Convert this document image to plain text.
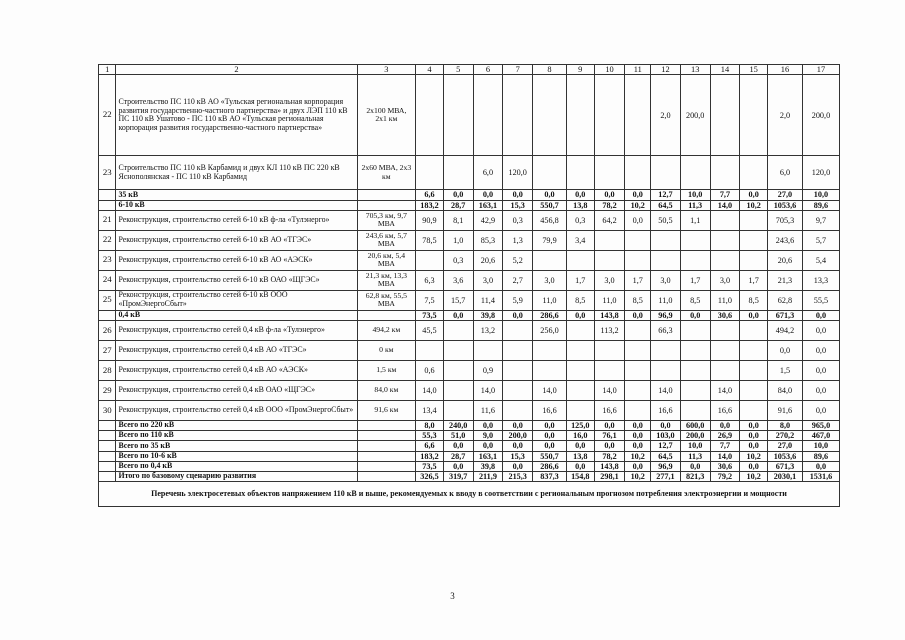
1	2	3	4	5	6	7	8	9	10	11	12	13	14	15	16	17
22	Строительство ПС 110 кВ АО «Тульская региональная корпорация развития государственно-частного партнерства» и двух ЛЭП 110 кВ ПС 110 кВ Ушатово - ПС 110 кВ АО «Тульская региональная корпорация развития государственно-частного партнерства»	2х100 МВА, 2х1 км									2,0	200,0			2,0	200,0
23	Строительство ПС 110 кВ Карбамид и двух КЛ 110 кВ ПС 220 кВ Яснополянская - ПС 110 кВ Карбамид	2х60 МВА, 2х3 км			6,0	120,0									6,0	120,0
	35 кВ		6,6	0,0	0,0	0,0	0,0	0,0	0,0	0,0	12,7	10,0	7,7	0,0	27,0	10,0
	6-10 кВ		183,2	28,7	163,1	15,3	550,7	13,8	78,2	10,2	64,5	11,3	14,0	10,2	1053,6	89,6
21	Реконструкция, строительство сетей 6-10 кВ ф-ла «Тулэнерго»	705,3 км, 9,7 МВА	90,9	8,1	42,9	0,3	456,8	0,3	64,2	0,0	50,5	1,1			705,3	9,7
22	Реконструкция, строительство сетей 6-10 кВ АО «ТГЭС»	243,6 км, 5,7 МВА	78,5	1,0	85,3	1,3	79,9	3,4							243,6	5,7
23	Реконструкция, строительство сетей 6-10 кВ АО «АЭСК»	20,6 км, 5,4 МВА		0,3	20,6	5,2									20,6	5,4
24	Реконструкция, строительство сетей 6-10 кВ ОАО «ЩГЭС»	21,3 км, 13,3 МВА	6,3	3,6	3,0	2,7	3,0	1,7	3,0	1,7	3,0	1,7	3,0	1,7	21,3	13,3
25	Реконструкция, строительство сетей 6-10 кВ ООО «ПромЭнергоСбыт»	62,8 км, 55,5 МВА	7,5	15,7	11,4	5,9	11,0	8,5	11,0	8,5	11,0	8,5	11,0	8,5	62,8	55,5
	0,4 кВ		73,5	0,0	39,8	0,0	286,6	0,0	143,8	0,0	96,9	0,0	30,6	0,0	671,3	0,0
26	Реконструкция, строительство сетей 0,4 кВ ф-ла «Тулэнерго»	494,2 км	45,5		13,2		256,0		113,2		66,3				494,2	0,0
27	Реконструкция, строительство сетей 0,4 кВ АО «ТГЭС»	0 км													0,0	0,0
28	Реконструкция, строительство сетей 0,4 кВ АО «АЭСК»	1,5 км	0,6		0,9										1,5	0,0
29	Реконструкция, строительство сетей 0,4 кВ ОАО «ЩГЭС»	84,0 км	14,0		14,0		14,0		14,0		14,0		14,0		84,0	0,0
30	Реконструкция, строительство сетей 0,4 кВ ООО «ПромЭнергоСбыт»	91,6 км	13,4		11,6		16,6		16,6		16,6		16,6		91,6	0,0
	Всего по 220 кВ		8,0	240,0	0,0	0,0	0,0	125,0	0,0	0,0	0,0	600,0	0,0	0,0	8,0	965,0
	Всего по 110 кВ		55,3	51,0	9,0	200,0	0,0	16,0	76,1	0,0	103,0	200,0	26,9	0,0	270,2	467,0
	Всего по 35 кВ		6,6	0,0	0,0	0,0	0,0	0,0	0,0	0,0	12,7	10,0	7,7	0,0	27,0	10,0
	Всего по 10-6 кВ		183,2	28,7	163,1	15,3	550,7	13,8	78,2	10,2	64,5	11,3	14,0	10,2	1053,6	89,6
	Всего по 0,4 кВ		73,5	0,0	39,8	0,0	286,6	0,0	143,8	0,0	96,9	0,0	30,6	0,0	671,3	0,0
	Итого по базовому сценарию развития		326,5	319,7	211,9	215,3	837,3	154,8	298,1	10,2	277,1	821,3	79,2	10,2	2030,1	1531,6
Перечень электросетевых объектов напряжением 110 кВ и выше, рекомендуемых к вводу в соответствии с региональным прогнозом потребления электроэнергии и мощности																
3
